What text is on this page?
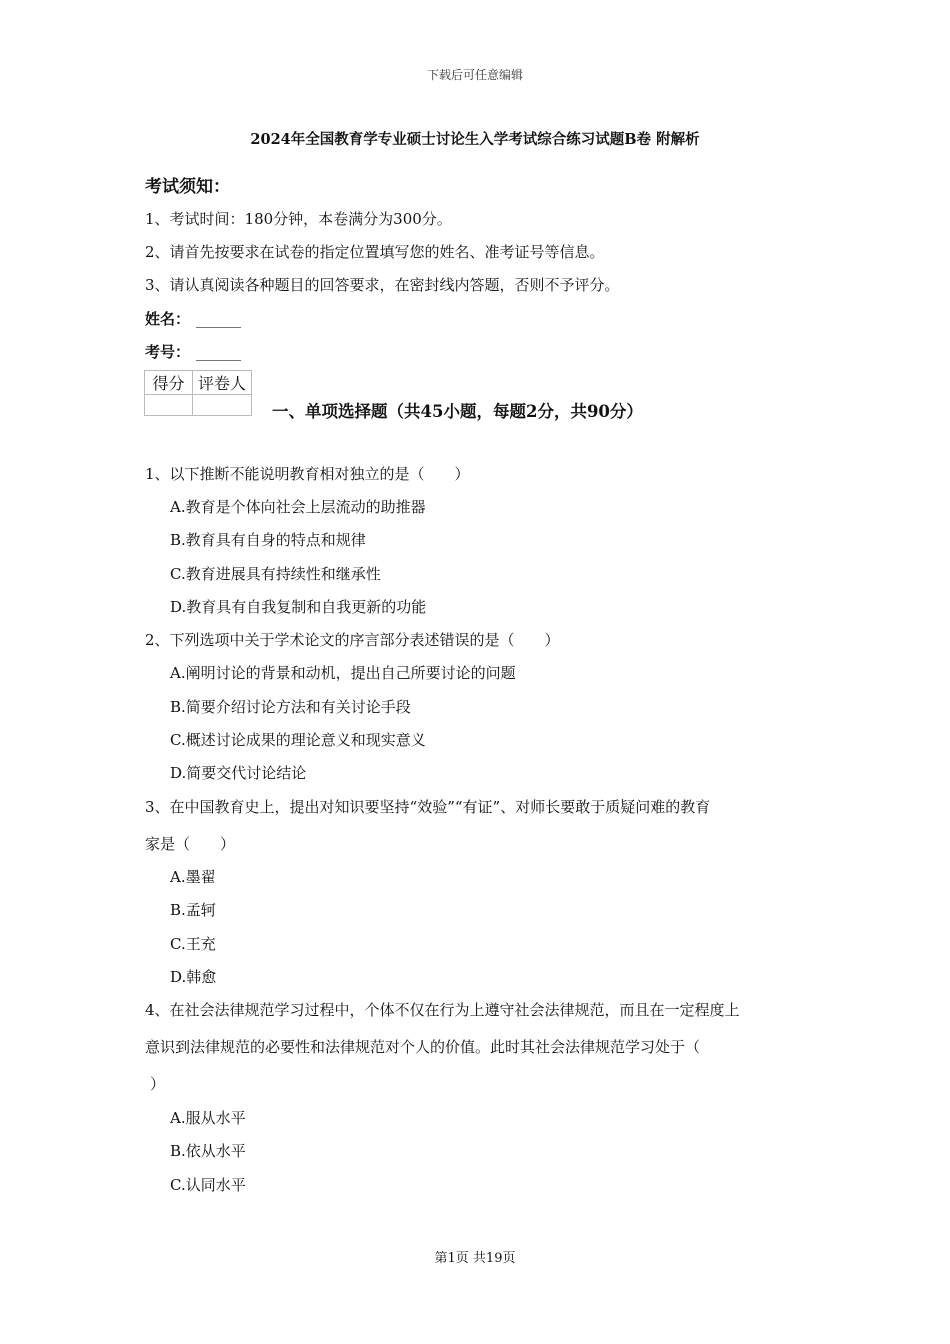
下载后可任意编辑
2024年全国教育学专业硕士讨论生入学考试综合练习试题B卷 附解析
考试须知：
1、考试时间：180分钟，本卷满分为300分。
2、请首先按要求在试卷的指定位置填写您的姓名、准考证号等信息。
3、请认真阅读各种题目的回答要求，在密封线内答题，否则不予评分。
姓名： ______
考号： ______
得分	评卷人

一、单项选择题（共45小题，每题2分，共90分）
1、以下推断不能说明教育相对独立的是（　　）
A.教育是个体向社会上层流动的助推器
B.教育具有自身的特点和规律
C.教育进展具有持续性和继承性
D.教育具有自我复制和自我更新的功能
2、下列选项中关于学术论文的序言部分表述错误的是（　　）
A.阐明讨论的背景和动机，提出自己所要讨论的问题
B.简要介绍讨论方法和有关讨论手段
C.概述讨论成果的理论意义和现实意义
D.简要交代讨论结论
3、在中国教育史上，提出对知识要坚持“效验”“有证”、对师长要敢于质疑问难的教育
家是（　　）
A.墨翟
B.孟轲
C.王充
D.韩愈
4、在社会法律规范学习过程中，个体不仅在行为上遵守社会法律规范，而且在一定程度上
意识到法律规范的必要性和法律规范对个人的价值。此时其社会法律规范学习处于（
）
A.服从水平
B.依从水平
C.认同水平
第1页 共19页
